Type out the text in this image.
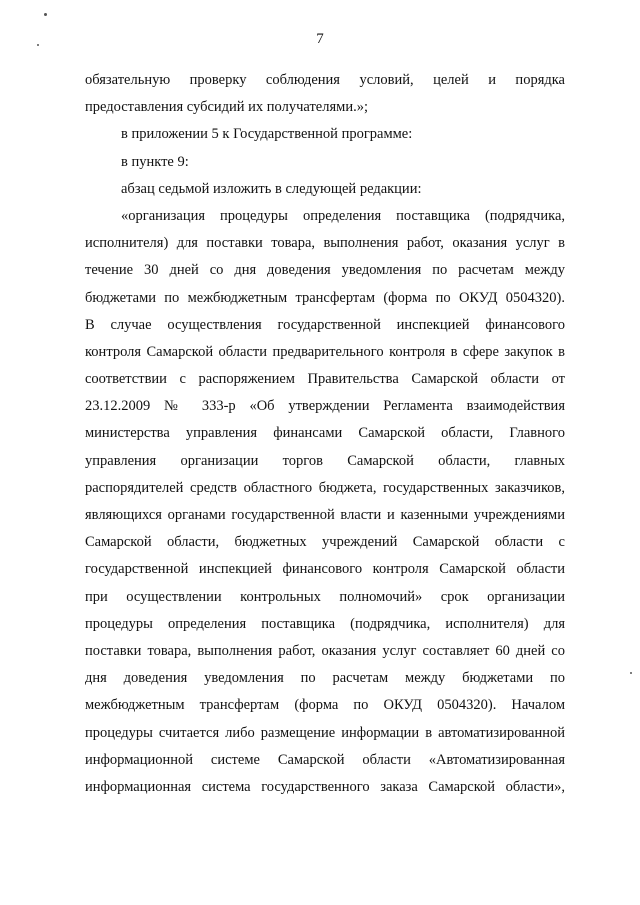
7
обязательную проверку соблюдения условий, целей и порядка
предоставления субсидий их получателями.»;
в приложении 5 к Государственной программе:
в пункте 9:
абзац седьмой изложить в следующей редакции:
«организация процедуры определения поставщика (подрядчика,
исполнителя) для поставки товара, выполнения работ, оказания услуг в
течение 30 дней со дня доведения уведомления по расчетам между
бюджетами по межбюджетным трансфертам (форма по ОКУД 0504320).
В случае осуществления государственной инспекцией финансового
контроля Самарской области предварительного контроля в сфере закупок в
соответствии с распоряжением Правительства Самарской области от
23.12.2009 № 333-р «Об утверждении Регламента взаимодействия
министерства управления финансами Самарской области, Главного
управления организации торгов Самарской области, главных
распорядителей средств областного бюджета, государственных заказчиков,
являющихся органами государственной власти и казенными учреждениями
Самарской области, бюджетных учреждений Самарской области с
государственной инспекцией финансового контроля Самарской области
при осуществлении контрольных полномочий» срок организации
процедуры определения поставщика (подрядчика, исполнителя) для
поставки товара, выполнения работ, оказания услуг составляет 60 дней со
дня доведения уведомления по расчетам между бюджетами по
межбюджетным трансфертам (форма по ОКУД 0504320). Началом
процедуры считается либо размещение информации в автоматизированной
информационной системе Самарской области «Автоматизированная
информационная система государственного заказа Самарской области»,
